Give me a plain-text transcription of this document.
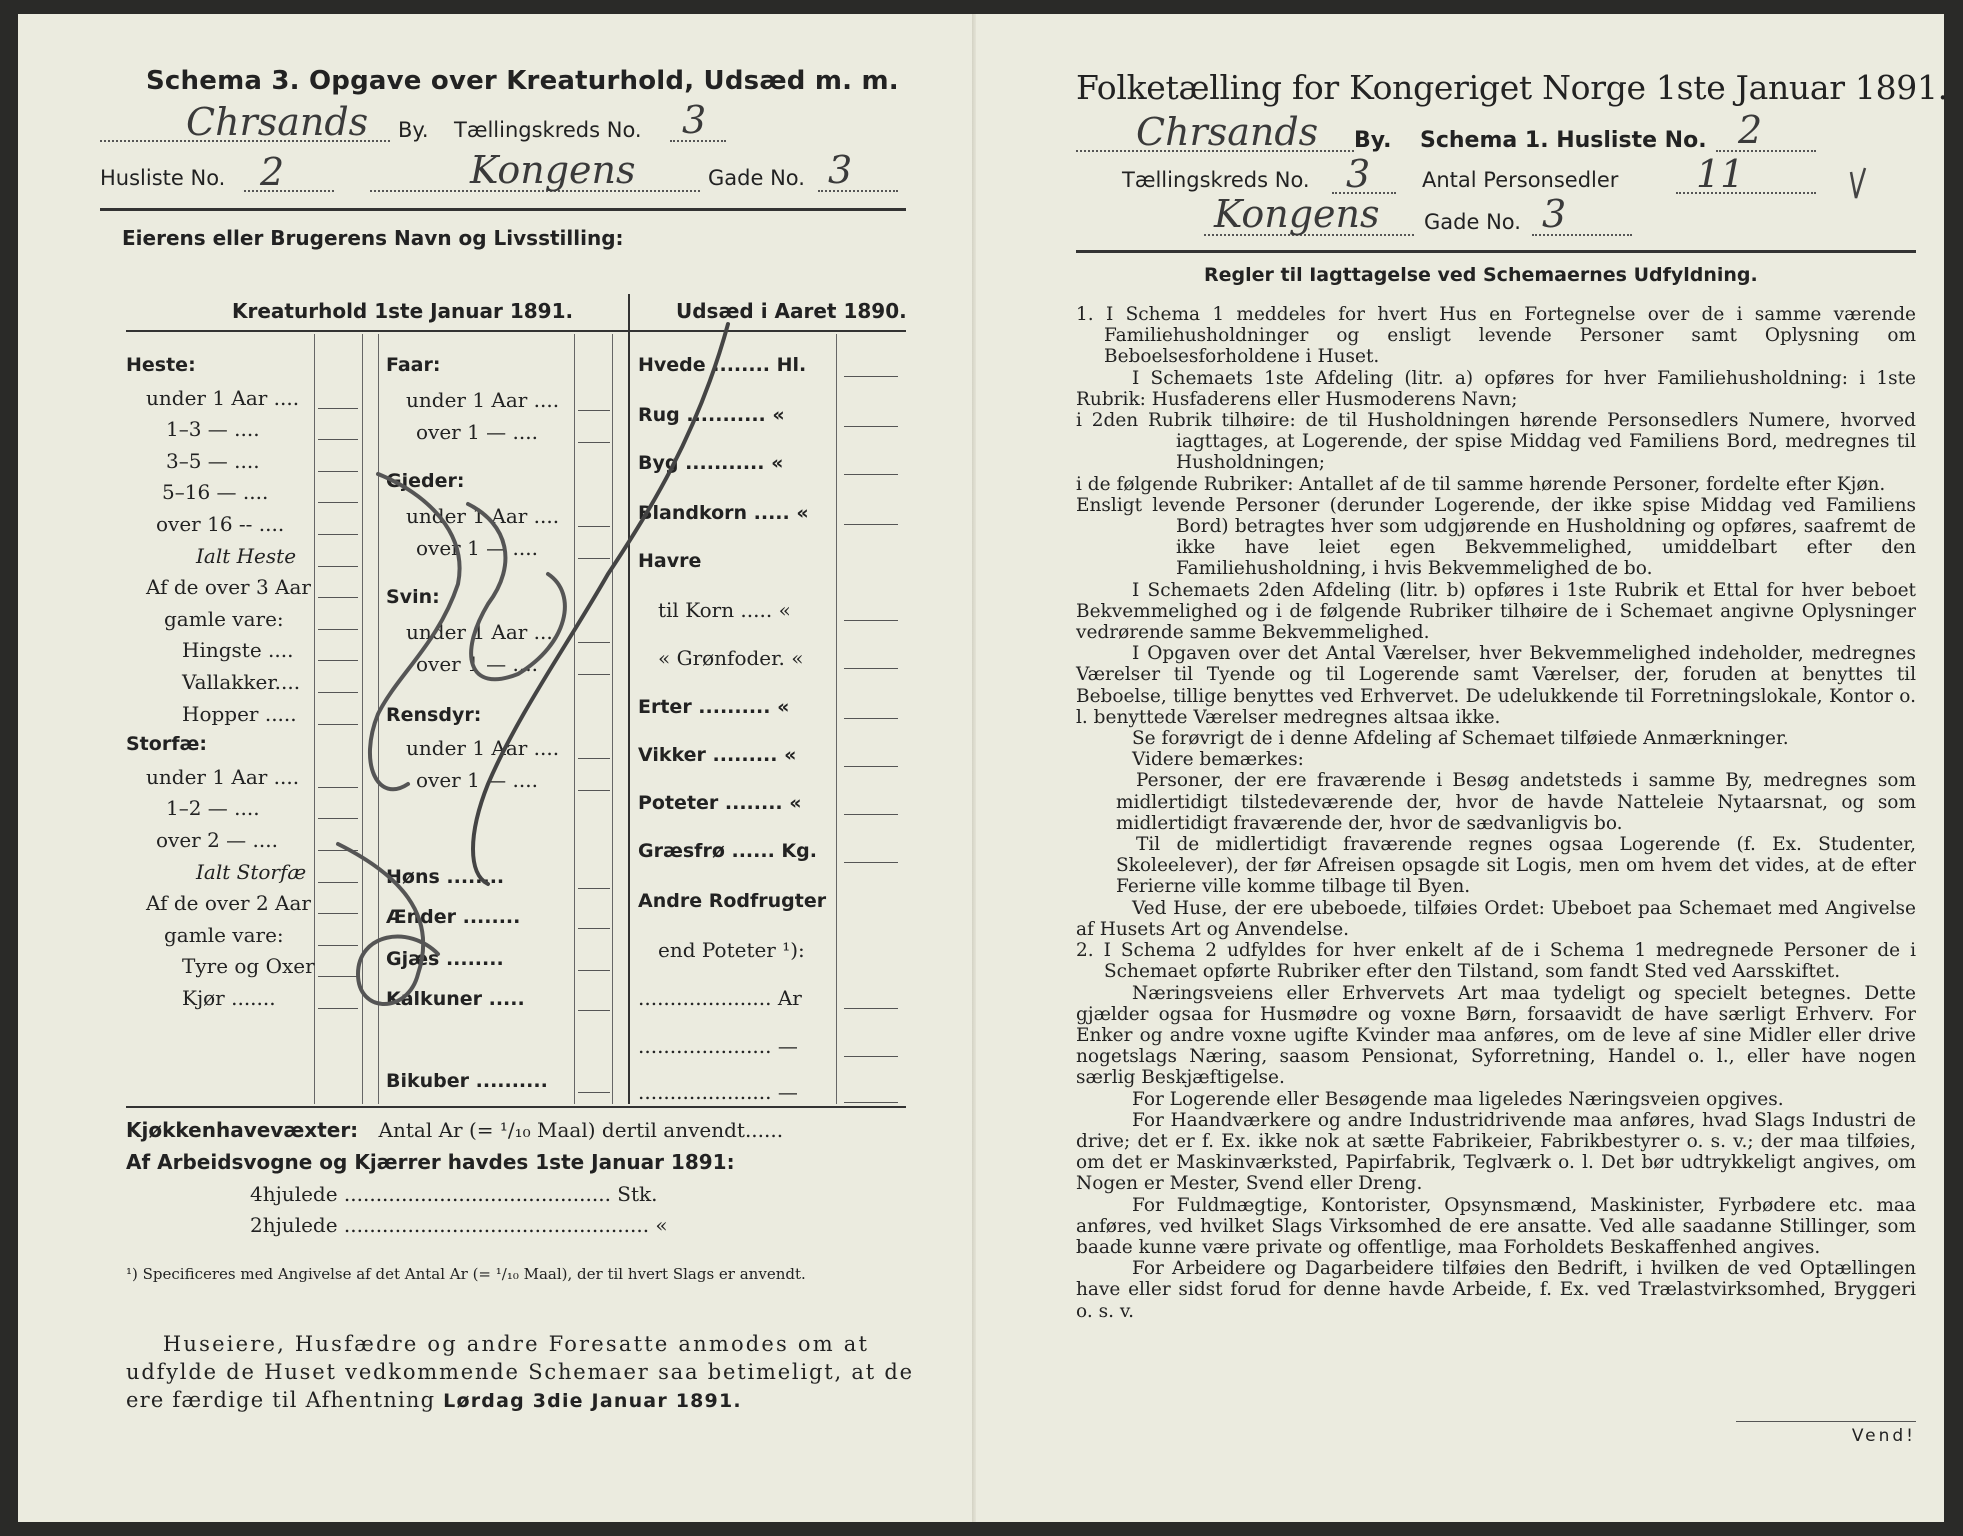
Schema 3. Opgave over Kreaturhold, Udsæd m. m.
Chrsands By. Tællingskreds No. 3
Husliste No. 2	Kongens	Gade No. 3
Eierens eller Brugerens Navn og Livsstilling:
Kreaturhold 1ste Januar 1891.	Udsæd i Aaret 1890.
Heste:
under 1 Aar ....
1–3 — ....
3–5 — ....
5–16 — ....
over 16 -- ....
Ialt Heste
Af de over 3 Aar
gamle vare:
Hingste ....
Vallakker....
Hopper .....
Storfæ:
under 1 Aar ....
1–2 — ....
over 2 — ....
Ialt Storfæ
Af de over 2 Aar
gamle vare:
Tyre og Oxer
Kjør .......
Faar:
under 1 Aar ....
over 1 — ....
Gjeder:
under 1 Aar ....
over 1 — ....
Svin:
under 1 Aar ....
over 1 — ....
Rensdyr:
under 1 Aar ....
over 1 — ....
Høns ........
Ænder ........
Gjæs ........
Kalkuner .....
Bikuber ..........
Hvede ........ Hl.
Rug ........... «
Byg ........... «
Blandkorn ..... «
Havre
til Korn ..... «
« Grønfoder. «
Erter .......... «
Vikker ......... «
Poteter ........ «
Græsfrø ...... Kg.
Andre Rodfrugter
end Poteter ¹):
..................... Ar
..................... —
..................... —
Kjøkkenhavevæxter: Antal Ar (= ¹/₁₀ Maal) dertil anvendt......
Af Arbeidsvogne og Kjærrer havdes 1ste Januar 1891:
4hjulede .......................................... Stk.
2hjulede ................................................ «
¹) Specificeres med Angivelse af det Antal Ar (= ¹/₁₀ Maal), der til hvert Slags er anvendt.
Huseiere, Husfædre og andre Foresatte anmodes om at
udfylde de Huset vedkommende Schemaer saa betimeligt, at de
ere færdige til Afhentning Lørdag 3die Januar 1891.
Folketælling for Kongeriget Norge 1ste Januar 1891.
Chrsands By. Schema 1. Husliste No. 2
Tællingskreds No. 3 Antal Personsedler 11
Kongens Gade No. 3
Regler til Iagttagelse ved Schemaernes Udfyldning.

1. I Schema 1 meddeles for hvert Hus en Fortegnelse over de i samme værende Familiehusholdninger og ensligt levende Personer samt Oplysning om Beboelsesforholdene i Huset.

I Schemaets 1ste Afdeling (litr. a) opføres for hver Familiehusholdning: i 1ste Rubrik: Husfaderens eller Husmoderens Navn;

i 2den Rubrik tilhøire: de til Husholdningen hørende Personsedlers Numere, hvorved iagttages, at Logerende, der spise Middag ved Familiens Bord, medregnes til Husholdningen;

i de følgende Rubriker: Antallet af de til samme hørende Personer, fordelte efter Kjøn.

Ensligt levende Personer (derunder Logerende, der ikke spise Middag ved Familiens Bord) betragtes hver som udgjørende en Husholdning og opføres, saafremt de ikke have leiet egen Bekvemmelighed, umiddelbart efter den Familiehusholdning, i hvis Bekvemmelighed de bo.

I Schemaets 2den Afdeling (litr. b) opføres i 1ste Rubrik et Ettal for hver beboet Bekvemmelighed og i de følgende Rubriker tilhøire de i Schemaet angivne Oplysninger vedrørende samme Bekvemmelighed.

I Opgaven over det Antal Værelser, hver Bekvemmelighed indeholder, medregnes Værelser til Tyende og til Logerende samt Værelser, der, foruden at benyttes til Beboelse, tillige benyttes ved Erhvervet. De udelukkende til Forretningslokale, Kontor o. l. benyttede Værelser medregnes altsaa ikke.

Se forøvrigt de i denne Afdeling af Schemaet tilføiede Anmærkninger.

Videre bemærkes:

Personer, der ere fraværende i Besøg andetsteds i samme By, medregnes som midlertidigt tilstedeværende der, hvor de havde Natteleie Nytaarsnat, og som midlertidigt fraværende der, hvor de sædvanligvis bo.

Til de midlertidigt fraværende regnes ogsaa Logerende (f. Ex. Studenter, Skoleelever), der før Afreisen opsagde sit Logis, men om hvem det vides, at de efter Ferierne ville komme tilbage til Byen.

Ved Huse, der ere ubeboede, tilføies Ordet: Ubeboet paa Schemaet med Angivelse af Husets Art og Anvendelse.

2. I Schema 2 udfyldes for hver enkelt af de i Schema 1 medregnede Personer de i Schemaet opførte Rubriker efter den Tilstand, som fandt Sted ved Aarsskiftet.

Næringsveiens eller Erhvervets Art maa tydeligt og specielt betegnes. Dette gjælder ogsaa for Husmødre og voxne Børn, forsaavidt de have særligt Erhverv. For Enker og andre voxne ugifte Kvinder maa anføres, om de leve af sine Midler eller drive nogetslags Næring, saasom Pensionat, Syforretning, Handel o. l., eller have nogen særlig Beskjæftigelse.

For Logerende eller Besøgende maa ligeledes Næringsveien opgives.

For Haandværkere og andre Industridrivende maa anføres, hvad Slags Industri de drive; det er f. Ex. ikke nok at sætte Fabrikeier, Fabrikbestyrer o. s. v.; der maa tilføies, om det er Maskinværksted, Papirfabrik, Teglværk o. l. Det bør udtrykkeligt angives, om Nogen er Mester, Svend eller Dreng.

For Fuldmægtige, Kontorister, Opsynsmænd, Maskinister, Fyrbødere etc. maa anføres, ved hvilket Slags Virksomhed de ere ansatte. Ved alle saadanne Stillinger, som baade kunne være private og offentlige, maa Forholdets Beskaffenhed angives.

For Arbeidere og Dagarbeidere tilføies den Bedrift, i hvilken de ved Optællingen have eller sidst forud for denne havde Arbeide, f. Ex. ved Trælastvirksomhed, Bryggeri o. s. v.

Vend!
